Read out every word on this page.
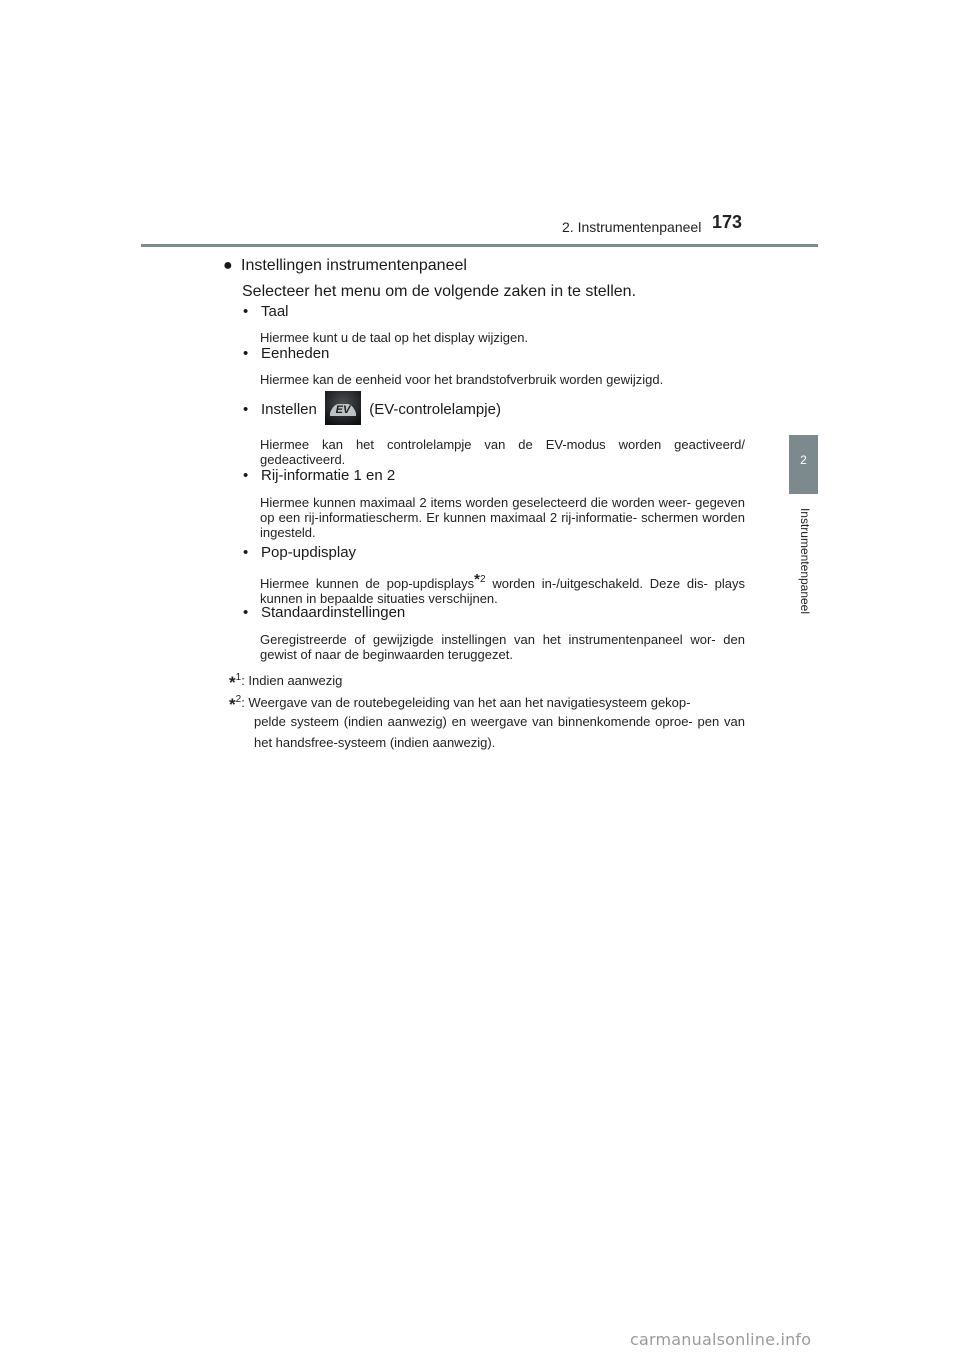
2. Instrumentenpaneel 173
2
Instrumentenpaneel
● Instellingen instrumentenpaneel
Selecteer het menu om de volgende zaken in te stellen.
• Taal
Hiermee kunt u de taal op het display wijzigen.
• Eenheden
Hiermee kan de eenheid voor het brandstofverbruik worden gewijzigd.
• Instellen EV (EV-controlelampje)
Hiermee kan het controlelampje van de EV-modus worden geactiveerd/ gedeactiveerd.
• Rij-informatie 1 en 2
Hiermee kunnen maximaal 2 items worden geselecteerd die worden weer- gegeven op een rij-informatiescherm. Er kunnen maximaal 2 rij-informatie- schermen worden ingesteld.
• Pop-updisplay
Hiermee kunnen de pop-updisplays$^{*2}$ worden in-/uitgeschakeld. Deze dis- plays kunnen in bepaalde situaties verschijnen.
• Standaardinstellingen
Geregistreerde of gewijzigde instellingen van het instrumentenpaneel wor- den gewist of naar de beginwaarden teruggezet.
*$^1$: Indien aanwezig
*$^2$: Weergave van de routebegeleiding van het aan het navigatiesysteem gekop-
pelde systeem (indien aanwezig) en weergave van binnenkomende oproe- pen van het handsfree-systeem (indien aanwezig).
carmanualsonline.info
